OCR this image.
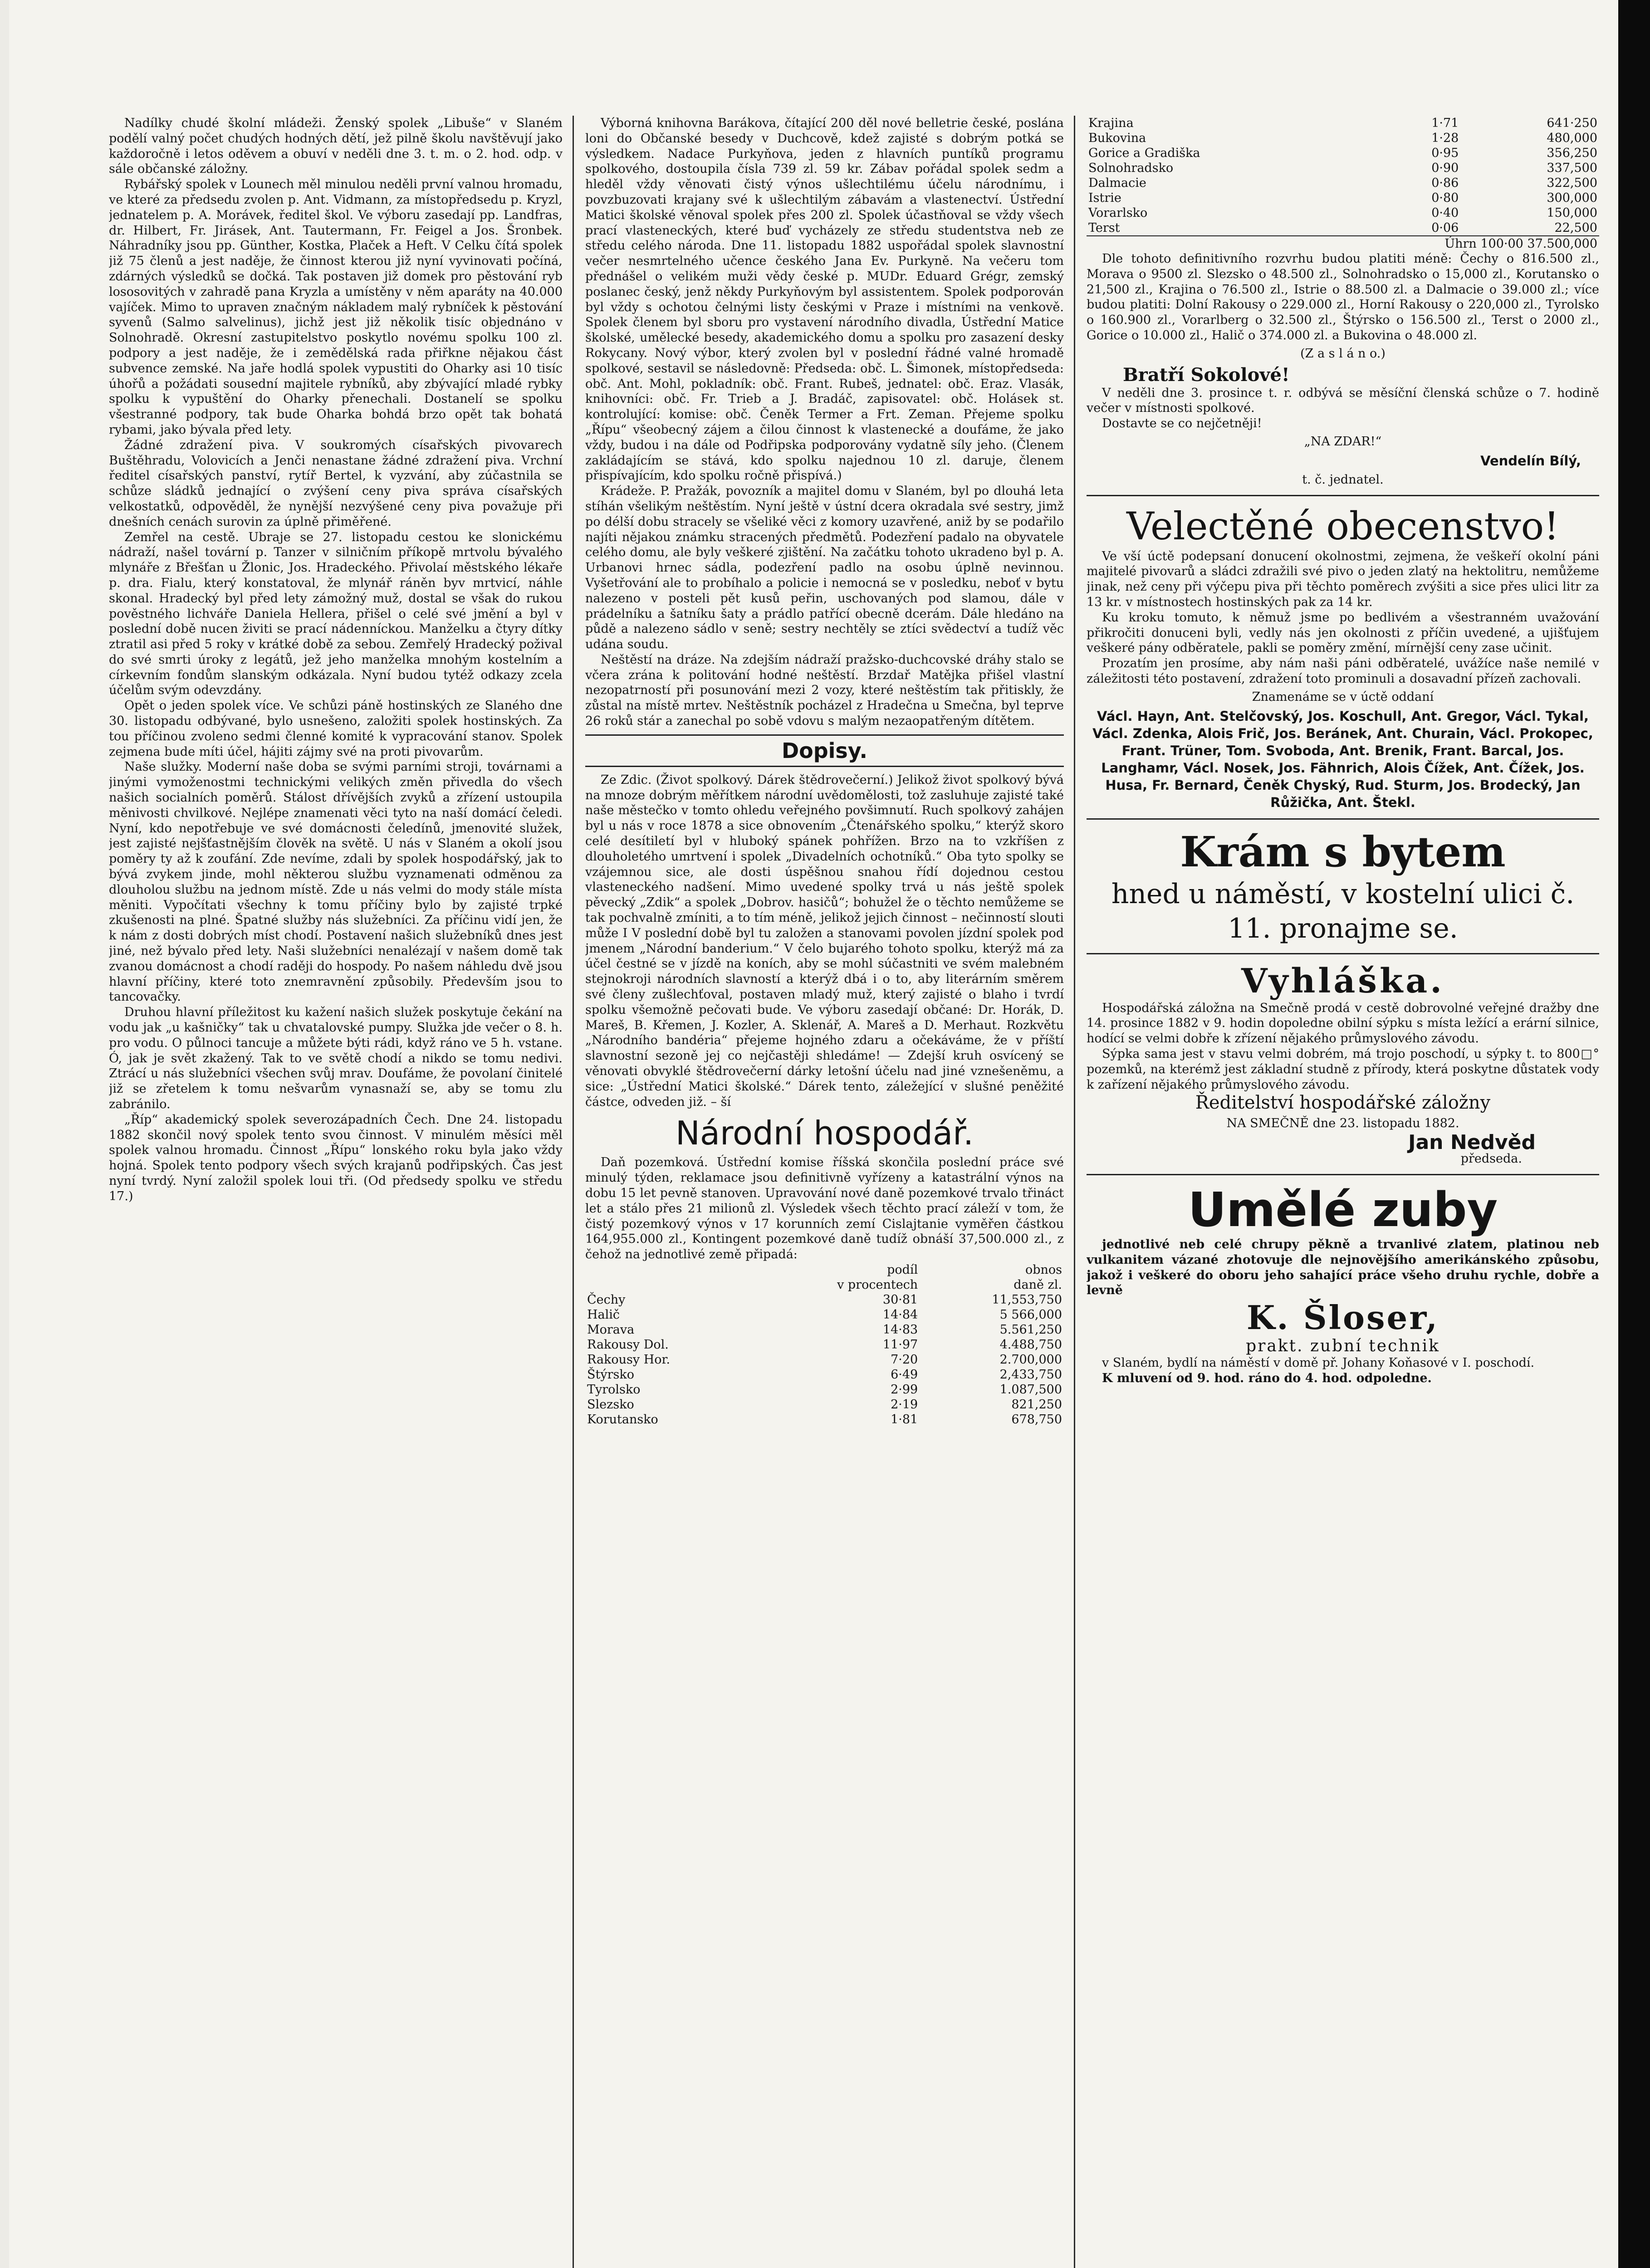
Nadílky chudé školní mládeži. Ženský spolek „Libuše“ v Slaném podělí valný počet chudých hodných dětí, jež pilně školu navštěvují jako každoročně i letos oděvem a obuví v neděli dne 3. t. m. o 2. hod. odp. v sále občanské záložny.

Rybářský spolek v Lounech měl minulou neděli první valnou hromadu, ve které za předsedu zvolen p. Ant. Vidmann, za místopředsedu p. Kryzl, jednatelem p. A. Morávek, ředitel škol. Ve výboru zasedají pp. Landfras, dr. Hilbert, Fr. Jirásek, Ant. Tautermann, Fr. Feigel a Jos. Šronbek. Náhradníky jsou pp. Günther, Kostka, Plaček a Heft. V Celku čítá spolek již 75 členů a jest naděje, že činnost kterou již nyní vyvinovati počíná, zdárných výsledků se dočká. Tak postaven již domek pro pěstování ryb lososovitých v zahradě pana Kryzla a umístěny v něm aparáty na 40.000 vajíček. Mimo to upraven značným nákladem malý rybníček k pěstování syvenů (Salmo salvelinus), jichž jest již několik tisíc objednáno v Solnohradě. Okresní zastupitelstvo poskytlo novému spolku 100 zl. podpory a jest naděje, že i zemědělská rada přiřkne nějakou část subvence zemské. Na jaře hodlá spolek vypustiti do Oharky asi 10 tisíc úhořů a požádati sousední majitele rybníků, aby zbývající mladé rybky spolku k vypuštění do Oharky přenechali. Dostanelí se spolku všestranné podpory, tak bude Oharka bohdá brzo opět tak bohatá rybami, jako bývala před lety.

Žádné zdražení piva. V soukromých císařských pivovarech Buštěhradu, Volovicích a Jenči nenastane žádné zdražení piva. Vrchní ředitel císařských panství, rytíř Bertel, k vyzvání, aby zúčastnila se schůze sládků jednající o zvýšení ceny piva správa císařských velkostatků, odpověděl, že nynější nezvýšené ceny piva považuje při dnešních cenách surovin za úplně přiměřené.

Zemřel na cestě. Ubraje se 27. listopadu cestou ke slonickému nádraží, našel tovární p. Tanzer v silničním příkopě mrtvolu bývalého mlynáře z Břešťan u Žlonic, Jos. Hradeckého. Přivolaí městského lékaře p. dra. Fialu, který konstatoval, že mlynář ráněn byv mrtvicí, náhle skonal. Hradecký byl před lety zámožný muž, dostal se však do rukou pověstného lichváře Daniela Hellera, přišel o celé své jmění a byl v poslední době nucen živiti se prací nádenníckou. Manželku a čtyry dítky ztratil asi před 5 roky v krátké době za sebou. Zemřelý Hradecký požival do své smrti úroky z legátů, jež jeho manželka mnohým kostelním a církevním fondům slanským odkázala. Nyní budou tytéž odkazy zcela účelům svým odevzdány.

Opět o jeden spolek více. Ve schůzi páně hostinských ze Slaného dne 30. listopadu odbývané, bylo usnešeno, založiti spolek hostinských. Za tou příčinou zvoleno sedmi členné komité k vypracování stanov. Spolek zejmena bude míti účel, hájiti zájmy své na proti pivovarům.

Naše služky. Moderní naše doba se svými parními stroji, továrnami a jinými vymoženostmi technickými velikých změn přivedla do všech našich socialních poměrů. Stálost dřívějších zvyků a zřízení ustoupila měnivosti chvilkové. Nejlépe znamenati věci tyto na naší domácí čeledi. Nyní, kdo nepotřebuje ve své domácnosti čeledínů, jmenovité služek, jest zajisté nejšťastnějším člověk na světě. U nás v Slaném a okolí jsou poměry ty až k zoufání. Zde nevíme, zdali by spolek hospodářský, jak to bývá zvykem jinde, mohl některou službu vyznamenati odměnou za dlouholou službu na jednom místě. Zde u nás velmi do mody stále místa měniti. Vypočítati všechny k tomu příčiny bylo by zajisté trpké zkušenosti na plné. Špatné služby nás služebníci. Za příčinu vidí jen, že k nám z dosti dobrých míst chodí. Postavení našich služebníků dnes jest jiné, než bývalo před lety. Naši služebníci nenalézají v našem domě tak zvanou domácnost a chodí raději do hospody. Po našem náhledu dvě jsou hlavní příčiny, které toto znemravnění způsobily. Především jsou to tancovačky.

Druhou hlavní příležitost ku kažení našich služek poskytuje čekání na vodu jak „u kašničky“ tak u chvatalovské pumpy. Služka jde večer o 8. h. pro vodu. O půlnoci tancuje a můžete býti rádi, když ráno ve 5 h. vstane. Ó, jak je svět zkažený. Tak to ve světě chodí a nikdo se tomu nedivi. Ztrácí u nás služebníci všechen svůj mrav. Doufáme, že povolaní činitelé již se zřetelem k tomu nešvarům vynasnaží se, aby se tomu zlu zabránilo.

„Říp“ akademický spolek severozápadních Čech. Dne 24. listopadu 1882 skončil nový spolek tento svou činnost. V minulém měsíci měl spolek valnou hromadu. Činnost „Řípu“ lonského roku byla jako vždy hojná. Spolek tento podpory všech svých krajanů podřipských. Čas jest nyní tvrdý. Nyní založil spolek loui tři. (Od předsedy spolku ve středu 17.)

Výborná knihovna Barákova, čítající 200 děl nové belletrie české, poslána loni do Občanské besedy v Duchcově, kdež zajisté s dobrým potká se výsledkem. Nadace Purkyňova, jeden z hlavních puntíků programu spolkového, dostoupila čísla 739 zl. 59 kr. Zábav pořádal spolek sedm a hleděl vždy věnovati čistý výnos ušlechtilému účelu národnímu, i povzbuzovati krajany své k ušlechtilým zábavám a vlastenectví. Ústřední Matici školské věnoval spolek přes 200 zl. Spolek účastňoval se vždy všech prací vlasteneckých, které buď vycházely ze středu studentstva neb ze středu celého národa. Dne 11. listopadu 1882 uspořádal spolek slavnostní večer nesmrtelného učence českého Jana Ev. Purkyně. Na večeru tom přednášel o velikém muži vědy české p. MUDr. Eduard Grégr, zemský poslanec český, jenž někdy Purkyňovým byl assistentem. Spolek podporován byl vždy s ochotou čelnými listy českými v Praze i místními na venkově. Spolek členem byl sboru pro vystavení národního divadla, Ústřední Matice školské, umělecké besedy, akademického domu a spolku pro zasazení desky Rokycany. Nový výbor, který zvolen byl v poslední řádné valné hromadě spolkové, sestavil se následovně: Předseda: obč. L. Šimonek, místopředseda: obč. Ant. Mohl, pokladník: obč. Frant. Rubeš, jednatel: obč. Eraz. Vlasák, knihovníci: obč. Fr. Trieb a J. Bradáč, zapisovatel: obč. Holásek st. kontrolující: komise: obč. Čeněk Termer a Frt. Zeman. Přejeme spolku „Řípu“ všeobecný zájem a čilou činnost k vlastenecké a doufáme, že jako vždy, budou i na dále od Podřipska podporovány vydatně síly jeho. (Členem zakládajícím se stává, kdo spolku najednou 10 zl. daruje, členem přispívajícím, kdo spolku ročně přispívá.)

Krádeže. P. Pražák, povozník a majitel domu v Slaném, byl po dlouhá leta stíhán všelikým neštěstím. Nyní ještě v ústní dcera okradala své sestry, jimž po délší dobu stracely se všeliké věci z komory uzavřené, aniž by se podařilo najíti nějakou známku stracených předmětů. Podezření padalo na obyvatele celého domu, ale byly veškeré zjištění. Na začátku tohoto ukradeno byl p. A. Urbanovi hrnec sádla, podezření padlo na osobu úplně nevinnou. Vyšetřování ale to probíhalo a policie i nemocná se v posledku, neboť v bytu nalezeno v posteli pět kusů peřin, uschovaných pod slamou, dále v prádelníku a šatníku šaty a prádlo patřící obecně dcerám. Dále hledáno na půdě a nalezeno sádlo v seně; sestry nechtěly se ztíci svědectví a tudíž věc udána soudu.

Neštěstí na dráze. Na zdejším nádraží pražsko-duchcovské dráhy stalo se včera zrána k politování hodné neštěstí. Brzdař Matějka přišel vlastní nezopatrností při posunování mezi 2 vozy, které neštěstím tak přitiskly, že zůstal na místě mrtev. Neštěstník pocházel z Hradečna u Smečna, byl teprve 26 roků stár a zanechal po sobě vdovu s malým nezaopatřeným dítětem.

Dopisy.

Ze Zdic. (Život spolkový. Dárek štědrovečerní.) Jelikož život spolkový bývá na mnoze dobrým měřítkem národní uvědomělosti, tož zasluhuje zajisté také naše městečko v tomto ohledu veřejného povšimnutí. Ruch spolkový zahájen byl u nás v roce 1878 a sice obnovením „Čtenářského spolku,“ kterýž skoro celé desítiletí byl v hluboký spánek pohřížen. Brzo na to vzkříšen z dlouholetého umrtvení i spolek „Divadelních ochotníků.“ Oba tyto spolky se vzájemnou sice, ale dosti úspěšnou snahou řídí dojednou cestou vlasteneckého nadšení. Mimo uvedené spolky trvá u nás ještě spolek pěvecký „Zdik“ a spolek „Dobrov. hasičů“; bohužel že o těchto nemůžeme se tak pochvalně zmíniti, a to tím méně, jelikož jejich činnost – nečinností slouti může I V poslední době byl tu založen a stanovami povolen jízdní spolek pod jmenem „Národní banderium.“ V čelo bujarého tohoto spolku, kterýž má za účel čestné se v jízdě na koních, aby se mohl súčastniti ve svém malebném stejnokroji národních slavností a kterýž dbá i o to, aby literárním směrem své členy zušlechťoval, postaven mladý muž, který zajisté o blaho i tvrdí spolku všemožně pečovati bude. Ve výboru zasedají občané: Dr. Horák, D. Mareš, B. Křemen, J. Kozler, A. Sklenář, A. Mareš a D. Merhaut. Rozkvětu „Národního bandéria“ přejeme hojného zdaru a očekáváme, že v příští slavnostní sezoně jej co nejčastěji shledáme! — Zdejší kruh osvícený se věnovati obvyklé štědrovečerní dárky letošní účelu nad jiné vznešeněmu, a sice: „Ústřední Matici školské.“ Dárek tento, záležející v slušné peněžité částce, odveden již. – ší

Národní hospodář.

Daň pozemková. Ústřední komise říšská skončila poslední práce své minulý týden, reklamace jsou definitivně vyřízeny a katastrální výnos na dobu 15 let pevně stanoven. Upravování nové daně pozemkové trvalo třináct let a stálo přes 21 milionů zl. Výsledek všech těchto prací záleží v tom, že čistý pozemkový výnos v 17 korunních zemí Cislajtanie vyměřen částkou 164,955.000 zl., Kontingent pozemkové daně tudíž obnáší 37,500.000 zl., z čehož na jednotlivé země připadá:

	podíl	obnos
	v procentech	daně zl.
Čechy	30·81	11,553,750
Halič	14·84	5 566,000
Morava	14·83	5.561,250
Rakousy Dol.	11·97	4.488,750
Rakousy Hor.	7·20	2.700,000
Štýrsko	6·49	2,433,750
Tyrolsko	2·99	1.087,500
Slezsko	2·19	821,250
Korutansko	1·81	678,750
Krajina	1·71	641·250
Bukovina	1·28	480,000
Gorice a Gradiška	0·95	356,250
Solnohradsko	0·90	337,500
Dalmacie	0·86	322,500
Istrie	0·80	300,000
Vorarlsko	0·40	150,000
Terst	0·06	22,500
Úhrn 100·00 37.500,000		

Dle tohoto definitivního rozvrhu budou platiti méně: Čechy o 816.500 zl., Morava o 9500 zl. Slezsko o 48.500 zl., Solnohradsko o 15,000 zl., Korutansko o 21,500 zl., Krajina o 76.500 zl., Istrie o 88.500 zl. a Dalmacie o 39.000 zl.; více budou platiti: Dolní Rakousy o 229.000 zl., Horní Rakousy o 220,000 zl., Tyrolsko o 160.900 zl., Vorarlberg o 32.500 zl., Štýrsko o 156.500 zl., Terst o 2000 zl., Gorice o 10.000 zl., Halič o 374.000 zl. a Bukovina o 48.000 zl.

(Z a s l á n o.)

Bratří Sokolové!

V neděli dne 3. prosince t. r. odbývá se měsíční členská schůze o 7. hodině večer v místnosti spolkové.

Dostavte se co nejčetněji!

„NA ZDAR!“

Vendelín Bílý,

t. č. jednatel.

Velectěné obecenstvo!

Ve vší úctě podepsaní donucení okolnostmi, zejmena, že veškeří okolní páni majitelé pivovarů a sládci zdražili své pivo o jeden zlatý na hektolitru, nemůžeme jinak, než ceny při výčepu piva při těchto poměrech zvýšiti a sice přes ulici litr za 13 kr. v místnostech hostinských pak za 14 kr.

Ku kroku tomuto, k němuž jsme po bedlivém a všestranném uvažování přikročiti donuceni byli, vedly nás jen okolnosti z příčin uvedené, a ujišťujem veškeré pány odběratele, pakli se poměry změní, mírnější ceny zase učinit.

Prozatím jen prosíme, aby nám naši páni odběratelé, uvážíce naše nemilé v záležitosti této postavení, zdražení toto prominuli a dosavadní přízeň zachovali.

Znamenáme se v úctě oddaní

Václ. Hayn, Ant. Stelčovský, Jos. Koschull, Ant. Gregor, Václ. Tykal, Václ. Zdenka, Alois Frič, Jos. Beránek, Ant. Churain, Václ. Prokopec, Frant. Trüner, Tom. Svoboda, Ant. Brenik, Frant. Barcal, Jos. Langhamr, Václ. Nosek, Jos. Fähnrich, Alois Čížek, Ant. Čížek, Jos. Husa, Fr. Bernard, Čeněk Chyský, Rud. Sturm, Jos. Brodecký, Jan Růžička, Ant. Štekl.
Krám s bytem
hned u náměstí, v kostelní ulici č. 11. pronajme se.
Vyhláška.

Hospodářská záložna na Smečně prodá v cestě dobrovolné veřejné dražby dne 14. prosince 1882 v 9. hodin dopoledne obilní sýpku s místa ležící a erární silnice, hodící se velmi dobře k zřízení nějakého průmyslového závodu.

Sýpka sama jest v stavu velmi dobrém, má trojo poschodí, u sýpky t. to 800□° pozemků, na kterémž jest základní studně z přírody, která poskytne důstatek vody k zařízení nějakého průmyslového závodu.

Ředitelství hospodářské záložny

NA SMEČNĚ dne 23. listopadu 1882.

Jan Nedvěd

předseda.

Umělé zuby

jednotlivé neb celé chrupy pěkně a trvanlivé zlatem, platinou neb vulkanitem vázané zhotovuje dle nejnovějšího amerikánského způsobu, jakož i veškeré do oboru jeho sahající práce všeho druhu rychle, dobře a levně

K. Šloser,
prakt. zubní technik

v Slaném, bydlí na náměstí v domě př. Johany Koňasové v I. poschodí.

K mluvení od 9. hod. ráno do 4. hod. odpoledne.
